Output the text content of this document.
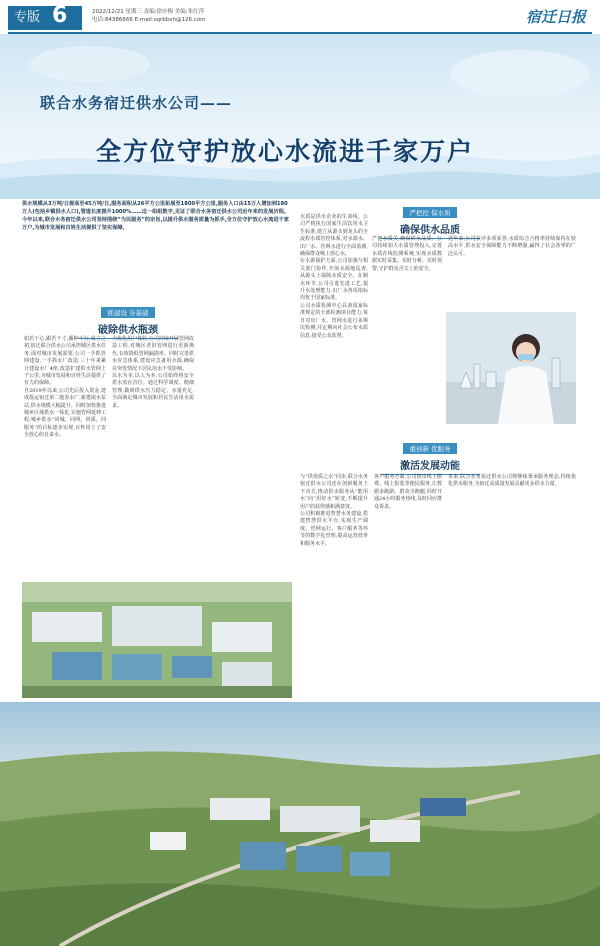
专版 6	2022/12/21 星期三 责编:徐应梅 美编:朱红萍
电话:84386666 E-mail:sqrbbxh@126.com	宿迁日报
联合水务宿迁供水公司——
全方位守护放心水流进千家万户
供水规模从3万吨/日提高至45万吨/日,服务面积从26平方公里拓展至1800平方公里,服务人口由15万人增加到180万人(包括乡镇供水人口),管道长度提升1000%……这一组组数字,见证了联合水务宿迁供水公司近年来的发展历程。今年以来,联合水务宿迁供水公司坚持围绕“为民服务”的宗旨,以提升供水服务质量为抓手,全方位守护放心水流进千家万户,为城市发展和百姓生活提供了坚实保障。
抓建设 夯基础
破除供水瓶颈

如若干心,跟若干寸,播种千行,成立之初,宿迁联合供水公司承担城区供水任务,面对城市发展需要,公司一手抓管网建设,一手抓水厂改造,三十年来累计建设水厂4座,改造扩建供水管网上千公里,为城市发展和百姓生活提供了有力的保障。

自2019年以来,公司先后投入资金,建成投运宿迁第二地表水厂,新建取水泵站,供水规模大幅提升。同时加快推进城乡区域供水一体化,实施管网延伸工程,城乡供水“同城、同网、同质、同服务”的目标逐步实现,百姓用上了安全放心的自来水。

为优化用户体验,公司持续开展管网改造工程,对城区老旧管网进行更新换代,有效降低管网漏损率。同时完善供水应急体系,建设应急备用水源,确保在突发情况下居民用水不受影响。

以水为本,以人为本,公司始终将安全供水放在首位。通过科学调度、精细管理,做到供水压力稳定、水量充足,全面满足城市发展和居民生活用水需求。

水质是供水企业的生命线。公司严格执行国家生活饮用水卫生标准,建立从源头到龙头的全流程水质管控体系,对水源水、出厂水、管网水进行全面监测,确保群众喝上放心水。

在水源保护方面,公司加强与相关部门协作,开展水源地巡查,从源头上保障水质安全。在制水环节,公司引进先进工艺,提升水处理能力,出厂水各项指标均优于国家标准。

公司水质检测中心具备国家标准规定的全部检测项目能力,每日对出厂水、管网水进行多频次检测,并定期向社会公布水质信息,接受公众监督。

严把控 保水质
确保供水品质

严把水质关,确保供水品质。公司持续加大水质管理投入,完善水质在线监测系统,实现水质数据实时采集、实时分析、实时预警,守护群众舌尖上的安全。

近年来,公司获评多项荣誉,水质综合合格率持续保持在较高水平,供水安全保障能力不断增强,赢得了社会各界的广泛认可。

重创新 优服务
激活发展动能

与“供优质之水”同步,联合水务宿迁供水公司还在创新服务上下功夫,推动供水服务从“能用水”向“用好水”转变,不断提升用户的获得感和满意度。

公司积极推进智慧水务建设,搭建智慧供水平台,实现生产调度、管网运行、客户服务等环节的数字化管理,提高运营效率和服务水平。

客户服务方面,公司推出线上缴费、线上报装等便民服务,让数据多跑路、群众少跑腿,同时开通24小时服务热线,及时回应群众诉求。

未来,联合水务宿迁供水公司将继续秉承服务理念,持续优化供水服务,为宿迁高质量发展贡献更多供水力量。
